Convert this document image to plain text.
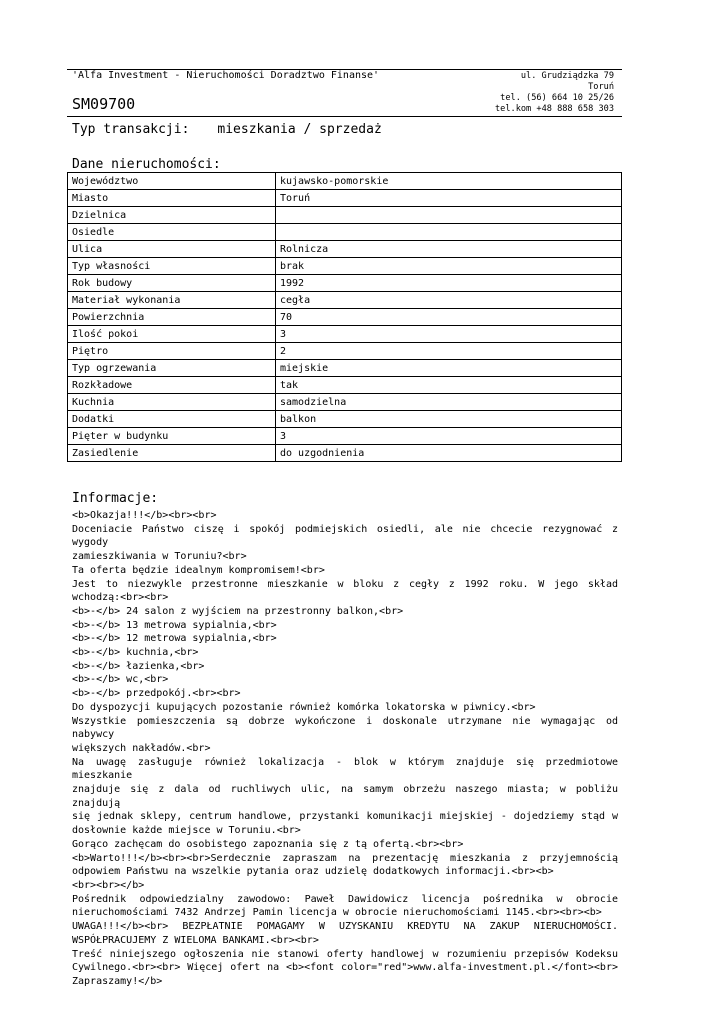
'Alfa Investment - Nieruchomości Doradztwo Finanse'
SM09700
ul. Grudziądzka 79
Toruń
tel. (56) 664 10 25/26
tel.kom +48 888 658 303
Typ transakcji: mieszkania / sprzedaż
Dane nieruchomości:
Województwo	kujawsko-pomorskie
Miasto	Toruń
Dzielnica	
Osiedle	
Ulica	Rolnicza
Typ własności	brak
Rok budowy	1992
Materiał wykonania	cegła
Powierzchnia	70
Ilość pokoi	3
Piętro	2
Typ ogrzewania	miejskie
Rozkładowe	tak
Kuchnia	samodzielna
Dodatki	balkon
Pięter w budynku	3
Zasiedlenie	do uzgodnienia
Informacje:
<b>Okazja!!!</b><br><br>
Doceniacie Państwo ciszę i spokój podmiejskich osiedli, ale nie chcecie rezygnować z wygody
zamieszkiwania w Toruniu?<br>
Ta oferta będzie idealnym kompromisem!<br>
Jest to niezwykle przestronne mieszkanie w bloku z cegły z 1992 roku. W jego skład
wchodzą:<br><br>
<b>-</b> 24 salon z wyjściem na przestronny balkon,<br>
<b>-</b> 13 metrowa sypialnia,<br>
<b>-</b> 12 metrowa sypialnia,<br>
<b>-</b> kuchnia,<br>
<b>-</b> łazienka,<br>
<b>-</b> wc,<br>
<b>-</b> przedpokój.<br><br>
Do dyspozycji kupujących pozostanie również komórka lokatorska w piwnicy.<br>
Wszystkie pomieszczenia są dobrze wykończone i doskonale utrzymane nie wymagając od nabywcy
większych nakładów.<br>
Na uwagę zasługuje również lokalizacja - blok w którym znajduje się przedmiotowe mieszkanie
znajduje się z dala od ruchliwych ulic, na samym obrzeżu naszego miasta; w pobliżu znajdują
się jednak sklepy, centrum handlowe, przystanki komunikacji miejskiej - dojedziemy stąd w
dosłownie każde miejsce w Toruniu.<br>
Gorąco zachęcam do osobistego zapoznania się z tą ofertą.<br><br>
<b>Warto!!!</b><br><br>Serdecznie zapraszam na prezentację mieszkania z przyjemnością
odpowiem Państwu na wszelkie pytania oraz udzielę dodatkowych informacji.<br><b>
<br><br></b>
Pośrednik odpowiedzialny zawodowo: Paweł Dawidowicz licencja pośrednika w obrocie
nieruchomościami 7432 Andrzej Pamin licencja w obrocie nieruchomościami 1145.<br><br><b>
UWAGA!!!</b><br> BEZPŁATNIE POMAGAMY W UZYSKANIU KREDYTU NA ZAKUP NIERUCHOMOŚCI.
WSPÓŁPRACUJEMY Z WIELOMA BANKAMI.<br><br>
Treść niniejszego ogłoszenia nie stanowi oferty handlowej w rozumieniu przepisów Kodeksu
Cywilnego.<br><br> Więcej ofert na <b><font color="red">www.alfa-investment.pl.</font><br>
Zapraszamy!</b>
